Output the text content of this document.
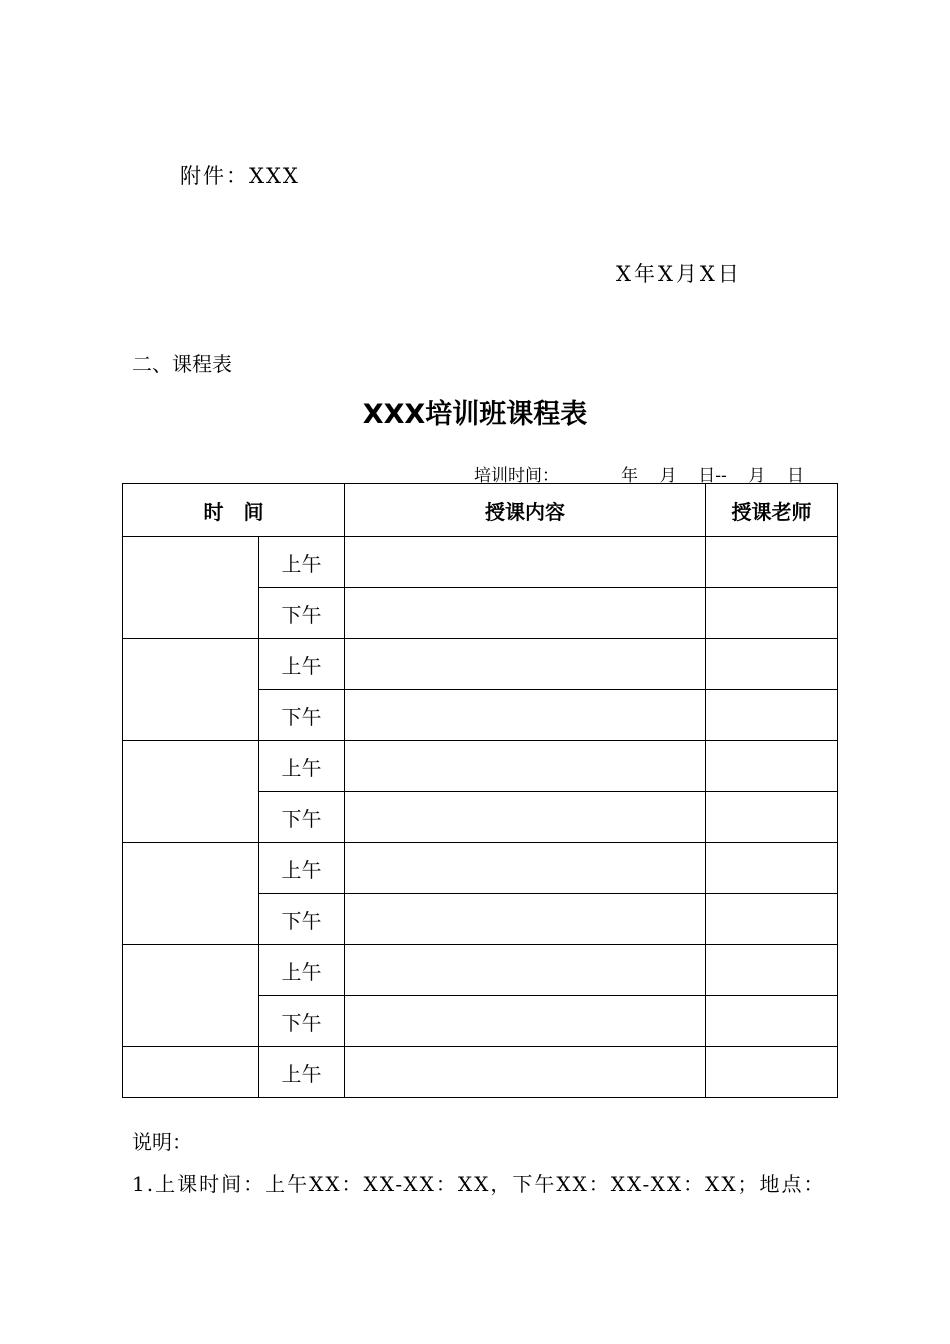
附件：XXX
X年X月X日
二、课程表
XXX培训班课程表
培训时间：	年 月 日-- 月 日
时　间		授课内容	授课老师
	上午		
	下午		
	上午		
	下午		
	上午		
	下午		
	上午		
	下午		
	上午		
	下午		
	上午		
说明：
1.上课时间：上午XX：XX-XX：XX，下午XX：XX-XX：XX；地点：
